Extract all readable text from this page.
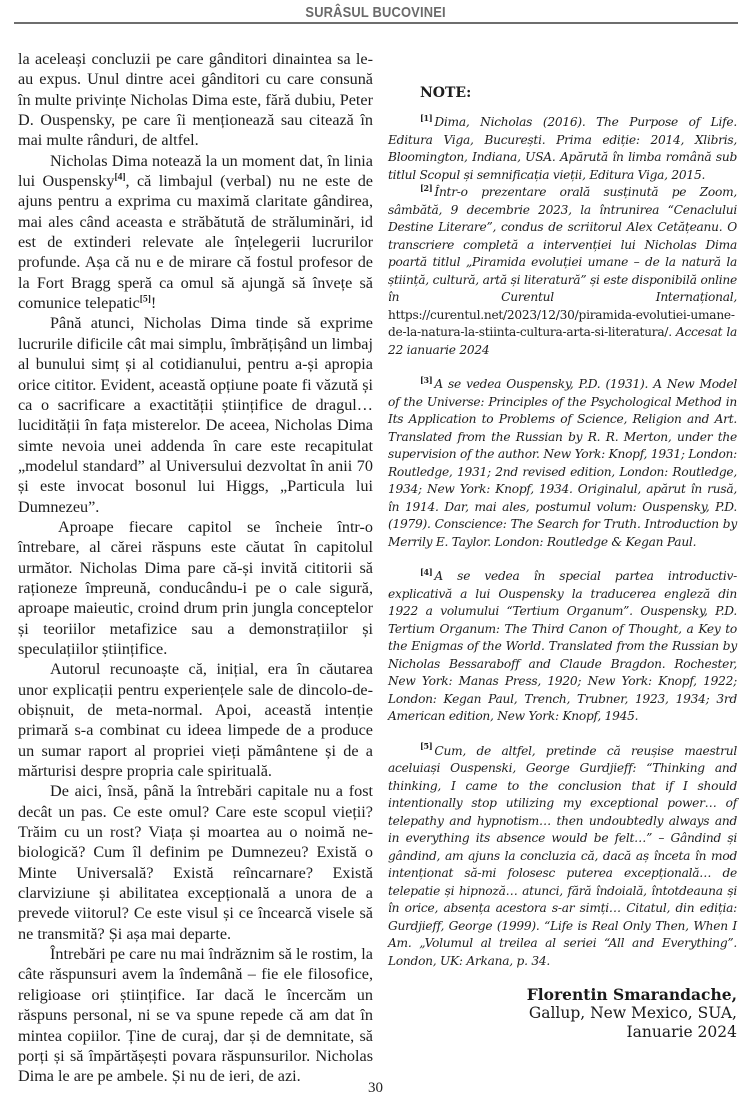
SURÂSUL BUCOVINEI

la aceleași concluzii pe care gânditori dinaintea sa le-au expus. Unul dintre acei gânditori cu care consună în multe privințe Nicholas Dima este, fără dubiu, Peter D. Ouspensky, pe care îi menționează sau citează în mai multe rânduri, de altfel.

Nicholas Dima notează la un moment dat, în linia lui Ouspensky[4], că limbajul (verbal) nu ne este de ajuns pentru a exprima cu maximă claritate gândirea, mai ales când aceasta e străbătută de străluminări, id est de extinderi relevate ale înțelegerii lucrurilor profunde. Așa că nu e de mirare că fostul profesor de la Fort Bragg speră ca omul să ajungă să învețe să comunice telepatic[5]!

Până atunci, Nicholas Dima tinde să exprime lucrurile dificile cât mai simplu, îmbrățișând un limbaj al bunului simț și al cotidianului, pentru a-și apropia orice cititor. Evident, această opțiune poate fi văzută și ca o sacrificare a exactității științifice de dragul… lucidității în fața misterelor. De aceea, Nicholas Dima simte nevoia unei addenda în care este recapitulat „modelul standard” al Universului dezvoltat în anii 70 și este invocat bosonul lui Higgs, „Particula lui Dumnezeu”.

Aproape fiecare capitol se încheie într-o întrebare, al cărei răspuns este căutat în capitolul următor. Nicholas Dima pare că-și invită cititorii să raționeze împreună, conducându-i pe o cale sigură, aproape maieutic, croind drum prin jungla conceptelor și teoriilor metafizice sau a demonstrațiilor și speculațiilor științifice.

Autorul recunoaște că, inițial, era în căutarea unor explicații pentru experiențele sale de dincolo-de-obișnuit, de meta-normal. Apoi, această intenție primară s-a combinat cu ideea limpede de a produce un sumar raport al propriei vieți pământene și de a mărturisi despre propria cale spirituală.

De aici, însă, până la întrebări capitale nu a fost decât un pas. Ce este omul? Care este scopul vieții? Trăim cu un rost? Viața și moartea au o noimă ne-biologică? Cum îl definim pe Dumnezeu? Există o Minte Universală? Există reîncarnare? Există clarviziune și abilitatea excepțională a unora de a prevede viitorul? Ce este visul și ce încearcă visele să ne transmită? Și așa mai departe.

Întrebări pe care nu mai îndrăznim să le rostim, la câte răspunsuri avem la îndemână – fie ele filosofice, religioase ori științifice. Iar dacă le încercăm un răspuns personal, ni se va spune repede că am dat în mintea copiilor. Ține de curaj, dar și de demnitate, să porți și să împărtășești povara răspunsurilor. Nicholas Dima le are pe ambele. Și nu de ieri, de azi.

NOTE:

[1] Dima, Nicholas (2016). The Purpose of Life. Editura Viga, București. Prima ediție: 2014, Xlibris, Bloomington, Indiana, USA. Apărută în limba română sub titlul Scopul și semnificația vieții, Editura Viga, 2015.

[2] Într-o prezentare orală susținută pe Zoom, sâmbătă, 9 decembrie 2023, la întrunirea “Cenaclului Destine Literare”, condus de scriitorul Alex Cetățeanu. O transcriere completă a intervenției lui Nicholas Dima poartă titlul „Piramida evoluției umane – de la natură la știință, cultură, artă și literatură” și este disponibilă online în Curentul Internațional, https://curentul.net/2023/12/30/piramida-evolutiei-umane-de-la-natura-la-stiinta-cultura-arta-si-literatura/. Accesat la 22 ianuarie 2024

[3] A se vedea Ouspensky, P.D. (1931). A New Model of the Universe: Principles of the Psychological Method in Its Application to Problems of Science, Religion and Art. Translated from the Russian by R. R. Merton, under the supervision of the author. New York: Knopf, 1931; London: Routledge, 1931; 2nd revised edition, London: Routledge, 1934; New York: Knopf, 1934. Originalul, apărut în rusă, în 1914. Dar, mai ales, postumul volum: Ouspensky, P.D. (1979). Conscience: The Search for Truth. Introduction by Merrily E. Taylor. London: Routledge & Kegan Paul.

[4] A se vedea în special partea introductiv-explicativă a lui Ouspensky la traducerea engleză din 1922 a volumului “Tertium Organum”. Ouspensky, P.D. Tertium Organum: The Third Canon of Thought, a Key to the Enigmas of the World. Translated from the Russian by Nicholas Bessaraboff and Claude Bragdon. Rochester, New York: Manas Press, 1920; New York: Knopf, 1922; London: Kegan Paul, Trench, Trubner, 1923, 1934; 3rd American edition, New York: Knopf, 1945.

[5] Cum, de altfel, pretinde că reușise maestrul aceluiași Ouspenski, George Gurdjieff: “Thinking and thinking, I came to the conclusion that if I should intentionally stop utilizing my exceptional power… of telepathy and hypnotism… then undoubtedly always and in everything its absence would be felt…” – Gândind și gândind, am ajuns la concluzia că, dacă aș înceta în mod intenționat să-mi folosesc puterea excepțională… de telepatie și hipnoză… atunci, fără îndoială, întotdeauna și în orice, absența acestora s-ar simți… Citatul, din ediția: Gurdjieff, George (1999). “Life is Real Only Then, When I Am. „Volumul al treilea al seriei “All and Everything”. London, UK: Arkana, p. 34.

Florentin Smarandache,
Gallup, New Mexico, SUA,
Ianuarie 2024
30
